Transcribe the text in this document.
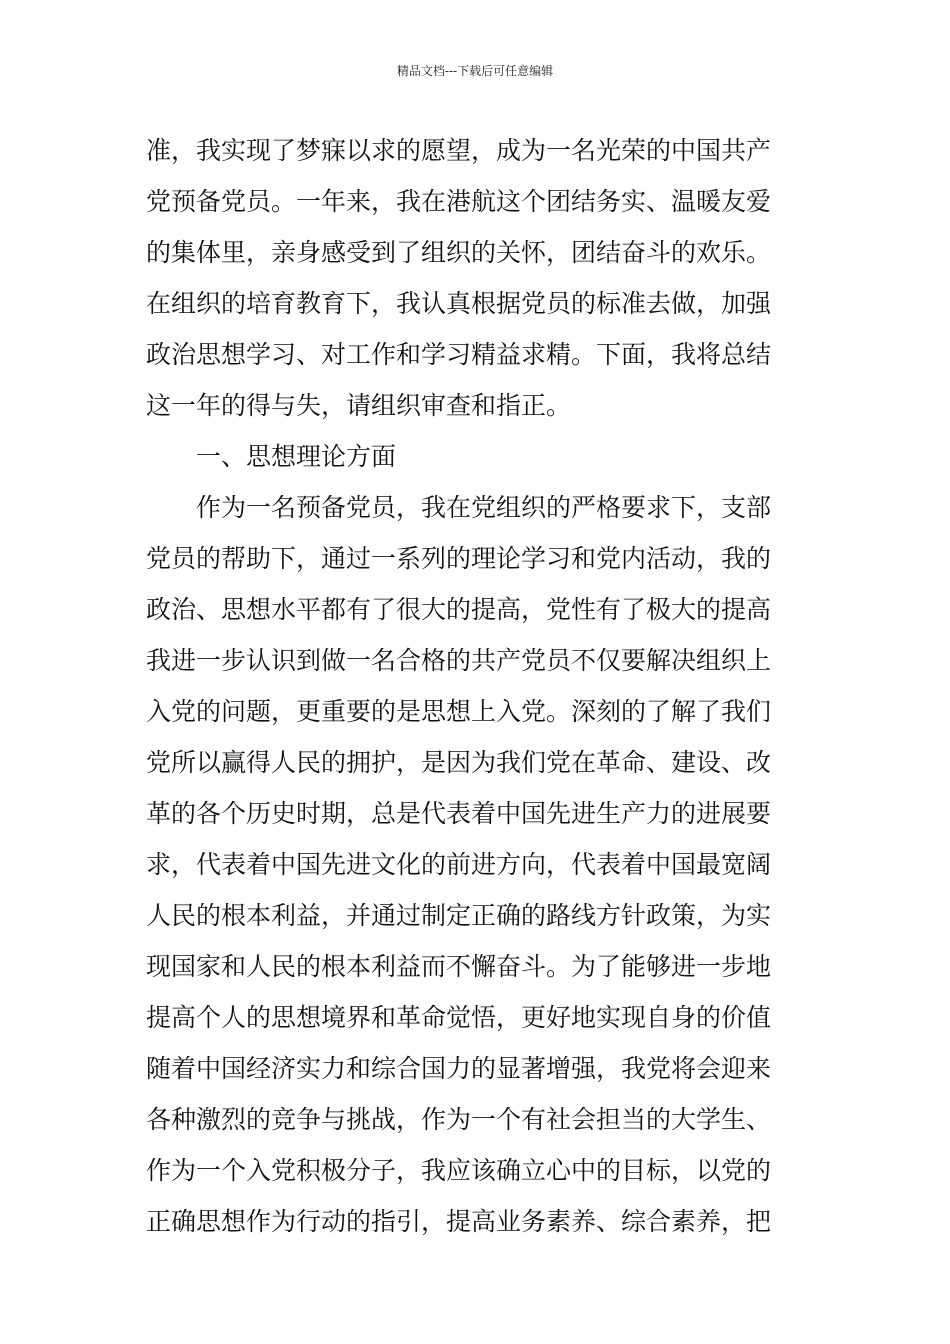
精品文档---下载后可任意编辑
准，我实现了梦寐以求的愿望，成为一名光荣的中国共产
党预备党员。一年来，我在港航这个团结务实、温暖友爱
的集体里，亲身感受到了组织的关怀，团结奋斗的欢乐。
在组织的培育教育下，我认真根据党员的标准去做，加强
政治思想学习、对工作和学习精益求精。下面，我将总结
这一年的得与失，请组织审查和指正。
一、思想理论方面
作为一名预备党员，我在党组织的严格要求下，支部
党员的帮助下，通过一系列的理论学习和党内活动，我的
政治、思想水平都有了很大的提高，党性有了极大的提高
我进一步认识到做一名合格的共产党员不仅要解决组织上
入党的问题，更重要的是思想上入党。深刻的了解了我们
党所以赢得人民的拥护，是因为我们党在革命、建设、改
革的各个历史时期，总是代表着中国先进生产力的进展要
求，代表着中国先进文化的前进方向，代表着中国最宽阔
人民的根本利益，并通过制定正确的路线方针政策，为实
现国家和人民的根本利益而不懈奋斗。为了能够进一步地
提高个人的思想境界和革命觉悟，更好地实现自身的价值
随着中国经济实力和综合国力的显著增强，我党将会迎来
各种激烈的竞争与挑战，作为一个有社会担当的大学生、
作为一个入党积极分子，我应该确立心中的目标，以党的
正确思想作为行动的指引，提高业务素养、综合素养，把
